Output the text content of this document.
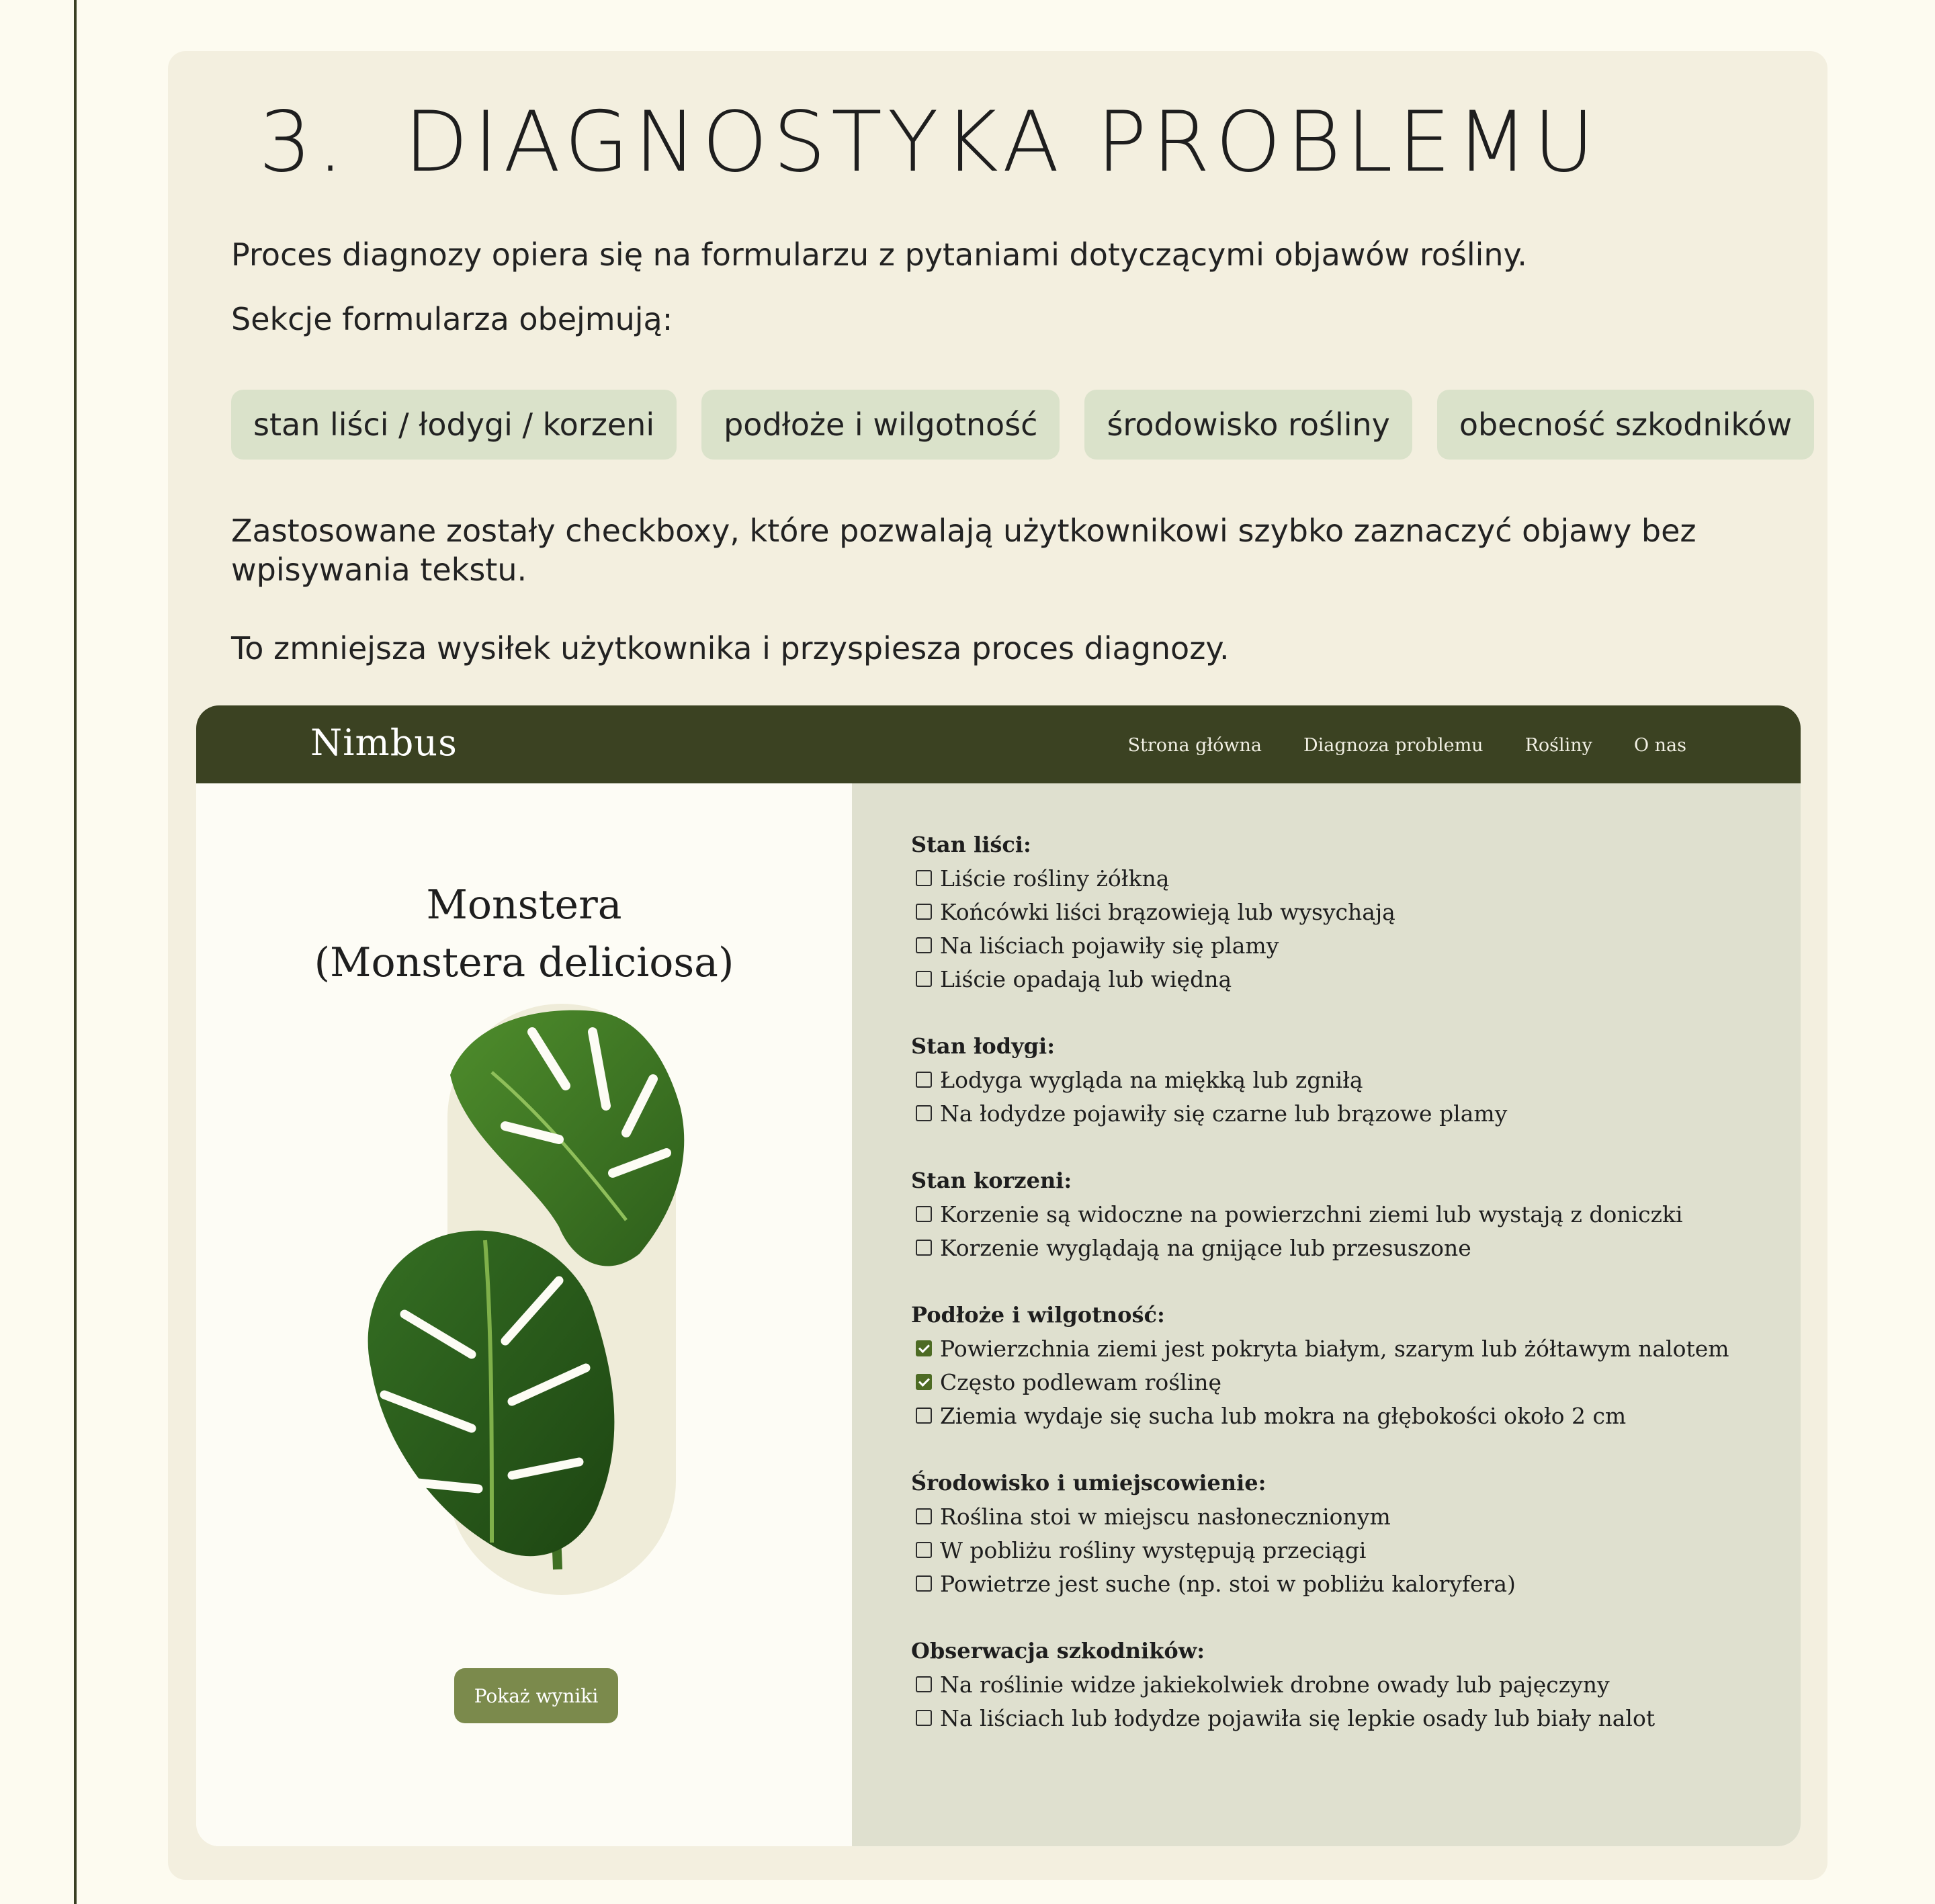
3. DIAGNOSTYKA PROBLEMU

Proces diagnozy opiera się na formularzu z pytaniami dotyczącymi objawów rośliny.

Sekcje formularza obejmują:

stan liści / łodygi / korzeni	podłoże i wilgotność	środowisko rośliny	obecność szkodników

Zastosowane zostały checkboxy, które pozwalają użytkownikowi szybko zaznaczyć objawy bez wpisywania tekstu.

To zmniejsza wysiłek użytkownika i przyspiesza proces diagnozy.

Nimbus	Strona główna Diagnoza problemu Rośliny O nas
Monstera
(Monstera deliciosa)
Pokaż wyniki
Stan liści:
Liście rośliny żółkną
Końcówki liści brązowieją lub wysychają
Na liściach pojawiły się plamy
Liście opadają lub więdną
Stan łodygi:
Łodyga wygląda na miękką lub zgniłą
Na łodydze pojawiły się czarne lub brązowe plamy
Stan korzeni:
Korzenie są widoczne na powierzchni ziemi lub wystają z doniczki
Korzenie wyglądają na gnijące lub przesuszone
Podłoże i wilgotność:
Powierzchnia ziemi jest pokryta białym, szarym lub żółtawym nalotem
Często podlewam roślinę
Ziemia wydaje się sucha lub mokra na głębokości około 2 cm
Środowisko i umiejscowienie:
Roślina stoi w miejscu nasłonecznionym
W pobliżu rośliny występują przeciągi
Powietrze jest suche (np. stoi w pobliżu kaloryfera)
Obserwacja szkodników:
Na roślinie widze jakiekolwiek drobne owady lub pajęczyny
Na liściach lub łodydze pojawiła się lepkie osady lub biały nalot
